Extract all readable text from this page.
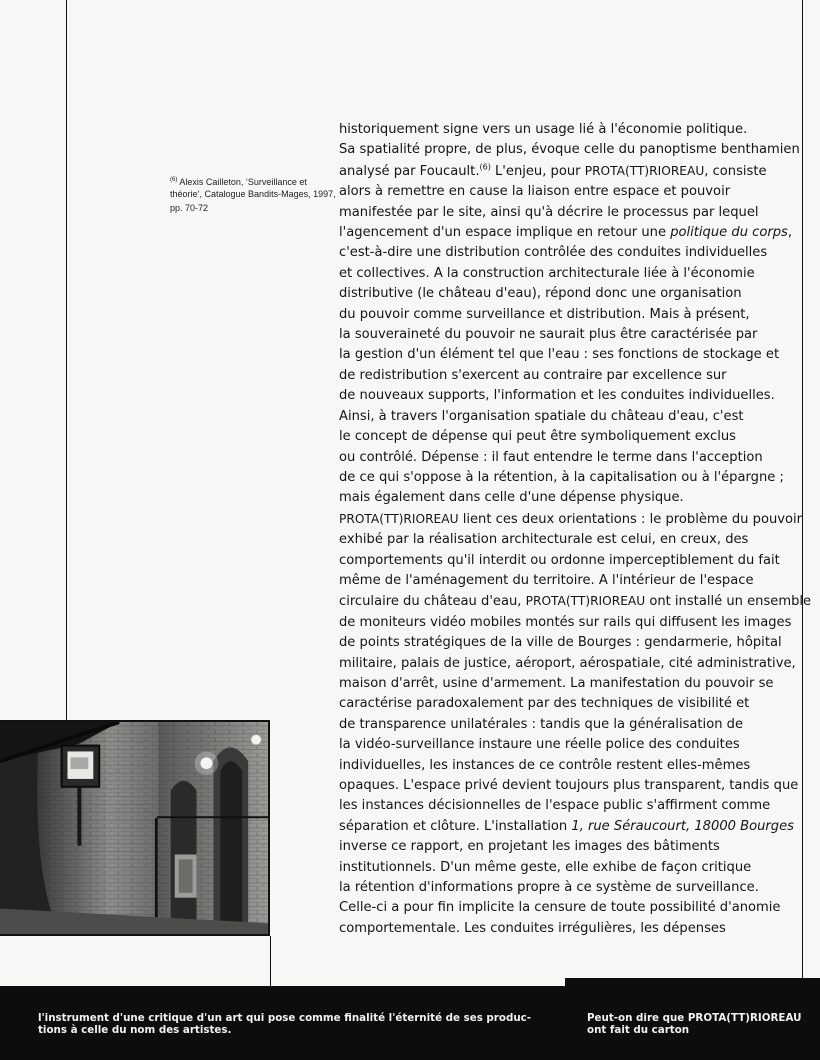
$^{(6)}$ Alexis Cailleton, ‘Surveillance et théorie’, Catalogue Bandits-Mages, 1997,
pp. 70-72
historiquement signe vers un usage lié à l'économie politique.
Sa spatialité propre, de plus, évoque celle du panoptisme benthamien
analysé par Foucault.$^{(6)}$ L'enjeu, pour PROTA(TT)RIOREAU, consiste
alors à remettre en cause la liaison entre espace et pouvoir
manifestée par le site, ainsi qu'à décrire le processus par lequel
l'agencement d'un espace implique en retour une politique du corps,
c'est-à-dire une distribution contrôlée des conduites individuelles
et collectives. A la construction architecturale liée à l'économie
distributive (le château d'eau), répond donc une organisation
du pouvoir comme surveillance et distribution. Mais à présent,
la souveraineté du pouvoir ne saurait plus être caractérisée par
la gestion d'un élément tel que l'eau : ses fonctions de stockage et
de redistribution s'exercent au contraire par excellence sur
de nouveaux supports, l'information et les conduites individuelles.
Ainsi, à travers l'organisation spatiale du château d'eau, c'est
le concept de dépense qui peut être symboliquement exclus
ou contrôlé. Dépense : il faut entendre le terme dans l'acception
de ce qui s'oppose à la rétention, à la capitalisation ou à l'épargne ;
mais également dans celle d'une dépense physique.
PROTA(TT)RIOREAU lient ces deux orientations : le problème du pouvoir
exhibé par la réalisation architecturale est celui, en creux, des
comportements qu'il interdit ou ordonne imperceptiblement du fait
même de l'aménagement du territoire. A l'intérieur de l'espace
circulaire du château d'eau, PROTA(TT)RIOREAU ont installé un ensemble
de moniteurs vidéo mobiles montés sur rails qui diffusent les images
de points stratégiques de la ville de Bourges : gendarmerie, hôpital
militaire, palais de justice, aéroport, aérospatiale, cité administrative,
maison d'arrêt, usine d'armement. La manifestation du pouvoir se
caractérise paradoxalement par des techniques de visibilité et
de transparence unilatérales : tandis que la généralisation de
la vidéo-surveillance instaure une réelle police des conduites
individuelles, les instances de ce contrôle restent elles-mêmes
opaques. L'espace privé devient toujours plus transparent, tandis que
les instances décisionnelles de l'espace public s'affirment comme
séparation et clôture. L'installation 1, rue Séraucourt, 18000 Bourges
inverse ce rapport, en projetant les images des bâtiments
institutionnels. D'un même geste, elle exhibe de façon critique
la rétention d'informations propre à ce système de surveillance.
Celle-ci a pour fin implicite la censure de toute possibilité d'anomie
comportementale. Les conduites irrégulières, les dépenses
l'instrument d'une critique d'un art qui pose comme finalité l'éternité de ses produc-
tions à celle du nom des artistes.
Peut-on dire que PROTA(TT)RIOREAU
ont fait du carton
